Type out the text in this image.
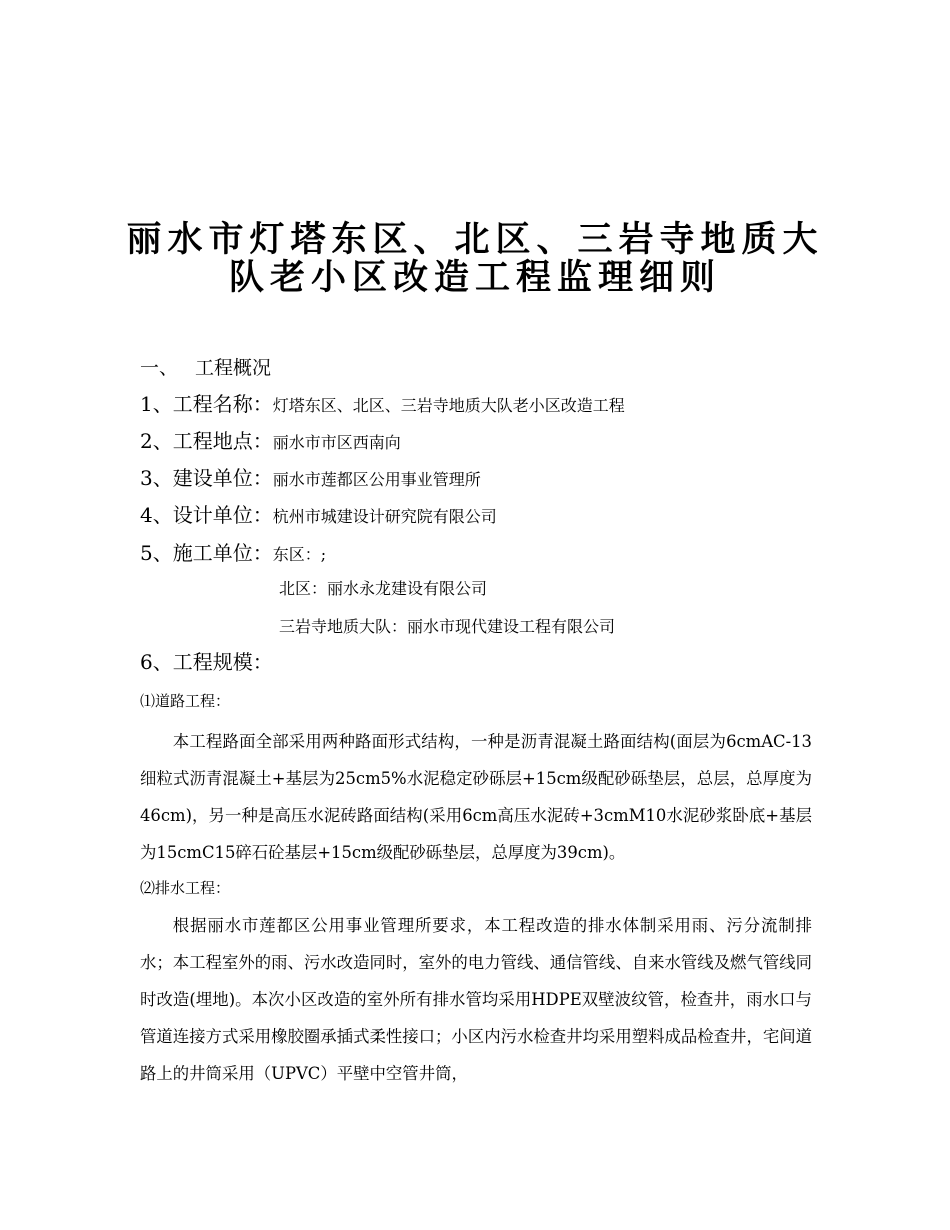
丽水市灯塔东区、北区、三岩寺地质大
队老小区改造工程监理细则
一、 工程概况
1、工程名称：灯塔东区、北区、三岩寺地质大队老小区改造工程
2、工程地点：丽水市市区西南向
3、建设单位：丽水市莲都区公用事业管理所
4、设计单位：杭州市城建设计研究院有限公司
5、施工单位：东区：;
北区：丽水永龙建设有限公司
三岩寺地质大队：丽水市现代建设工程有限公司
6、工程规模：
⑴道路工程：
本工程路面全部采用两种路面形式结构，一种是沥青混凝土路面结构(面层为6cmAC-13细粒式沥青混凝土+基层为25cm5%水泥稳定砂砾层+15cm级配砂砾垫层，总层，总厚度为46cm)，另一种是高压水泥砖路面结构(采用6cm高压水泥砖+3cmM10水泥砂浆卧底+基层为15cmC15碎石砼基层+15cm级配砂砾垫层，总厚度为39cm)。
⑵排水工程：
根据丽水市莲都区公用事业管理所要求，本工程改造的排水体制采用雨、污分流制排水；本工程室外的雨、污水改造同时，室外的电力管线、通信管线、自来水管线及燃气管线同时改造(埋地)。本次小区改造的室外所有排水管均采用HDPE双壁波纹管，检查井，雨水口与管道连接方式采用橡胶圈承插式柔性接口；小区内污水检查井均采用塑料成品检查井，宅间道路上的井筒采用（UPVC）平壁中空管井筒，
